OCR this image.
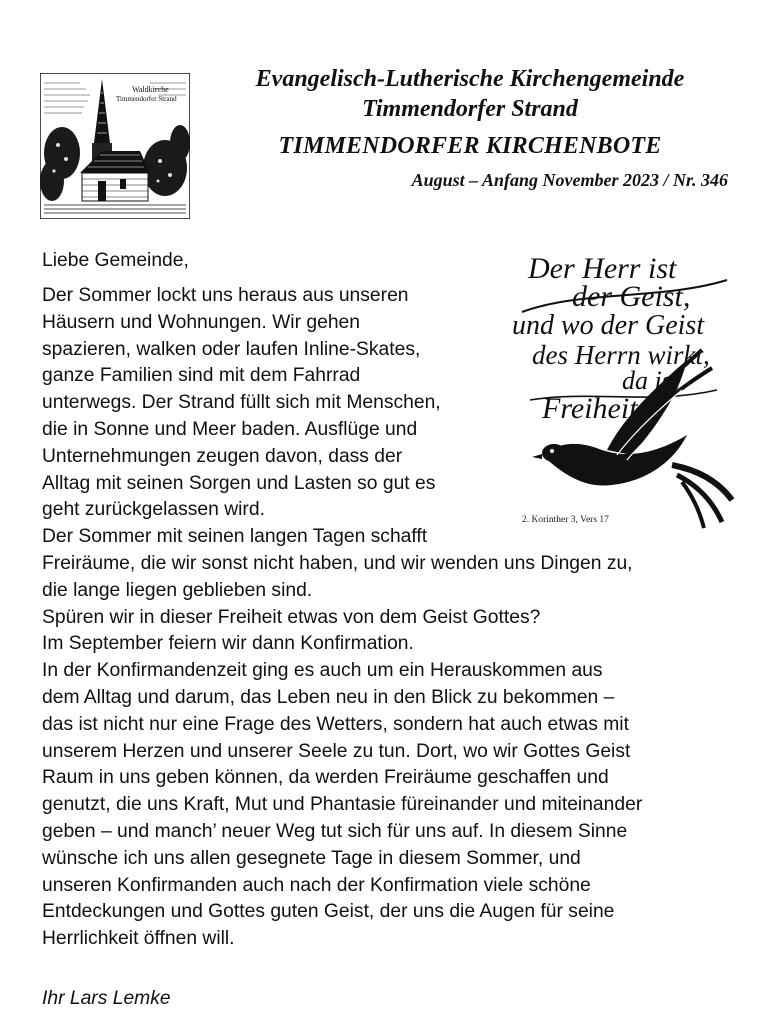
Waldkirche
Timmendorfer Strand
Evangelisch-Lutherische Kirchengemeinde
Timmendorfer Strand
TIMMENDORFER KIRCHENBOTE
August – Anfang November 2023 / Nr. 346
Liebe Gemeinde,
Der Sommer lockt uns heraus aus unseren
Häusern und Wohnungen. Wir gehen
spazieren, walken oder laufen Inline-Skates,
ganze Familien sind mit dem Fahrrad
unterwegs. Der Strand füllt sich mit Menschen,
die in Sonne und Meer baden. Ausflüge und
Unternehmungen zeugen davon, dass der
Alltag mit seinen Sorgen und Lasten so gut es
geht zurückgelassen wird.
Der Sommer mit seinen langen Tagen schafft
Freiräume, die wir sonst nicht haben, und wir wenden uns Dingen zu,
die lange liegen geblieben sind.
Spüren wir in dieser Freiheit etwas von dem Geist Gottes?
Im September feiern wir dann Konfirmation.
In der Konfirmandenzeit ging es auch um ein Herauskommen aus
dem Alltag und darum, das Leben neu in den Blick zu bekommen –
das ist nicht nur eine Frage des Wetters, sondern hat auch etwas mit
unserem Herzen und unserer Seele zu tun. Dort, wo wir Gottes Geist
Raum in uns geben können, da werden Freiräume geschaffen und
genutzt, die uns Kraft, Mut und Phantasie füreinander und miteinander
geben – und manch’ neuer Weg tut sich für uns auf. In diesem Sinne
wünsche ich uns allen gesegnete Tage in diesem Sommer, und
unseren Konfirmanden auch nach der Konfirmation viele schöne
Entdeckungen und Gottes guten Geist, der uns die Augen für seine
Herrlichkeit öffnen will.
Der Herr ist
der Geist,
und wo der Geist
des Herrn wirkt,
da ist
Freiheit.
2. Korinther 3, Vers 17
Ihr Lars Lemke
